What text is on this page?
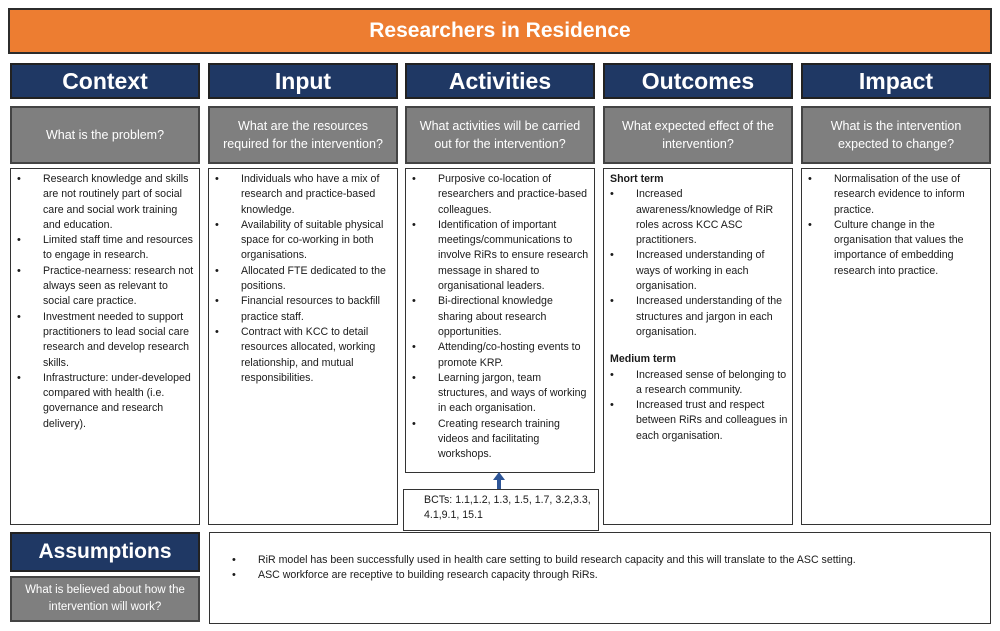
Researchers in Residence
Context	Input	Activities	Outcomes	Impact
What is the problem?
What are the resources required for the intervention?
What activities will be carried out for the intervention?
What expected effect of the intervention?
What is the intervention expected to change?
• Research knowledge and skills are not routinely part of social care and social work training and education.
• Limited staff time and resources to engage in research.
• Practice-nearness: research not always seen as relevant to social care practice.
• Investment needed to support practitioners to lead social care research and develop research skills.
• Infrastructure: under-developed compared with health (i.e. governance and research delivery).
• Individuals who have a mix of research and practice-based knowledge.
• Availability of suitable physical space for co-working in both organisations.
• Allocated FTE dedicated to the positions.
• Financial resources to backfill practice staff.
• Contract with KCC to detail resources allocated, working relationship, and mutual responsibilities.
• Purposive co-location of researchers and practice-based colleagues.
• Identification of important meetings/communications to involve RiRs to ensure research message in shared to organisational leaders.
• Bi-directional knowledge sharing about research opportunities.
• Attending/co-hosting events to promote KRP.
• Learning jargon, team structures, and ways of working in each organisation.
• Creating research training videos and facilitating workshops.
BCTs: 1.1,1.2, 1.3, 1.5, 1.7, 3.2,3.3, 4.1,9.1, 15.1
Short term
• Increased awareness/knowledge of RiR roles across KCC ASC practitioners.
• Increased understanding of ways of working in each organisation.
• Increased understanding of the structures and jargon in each organisation.
Medium term
• Increased sense of belonging to a research community.
• Increased trust and respect between RiRs and colleagues in each organisation.
• Normalisation of the use of research evidence to inform practice.
• Culture change in the organisation that values the importance of embedding research into practice.
Assumptions
What is believed about how the intervention will work?
• RiR model has been successfully used in health care setting to build research capacity and this will translate to the ASC setting.
• ASC workforce are receptive to building research capacity through RiRs.
